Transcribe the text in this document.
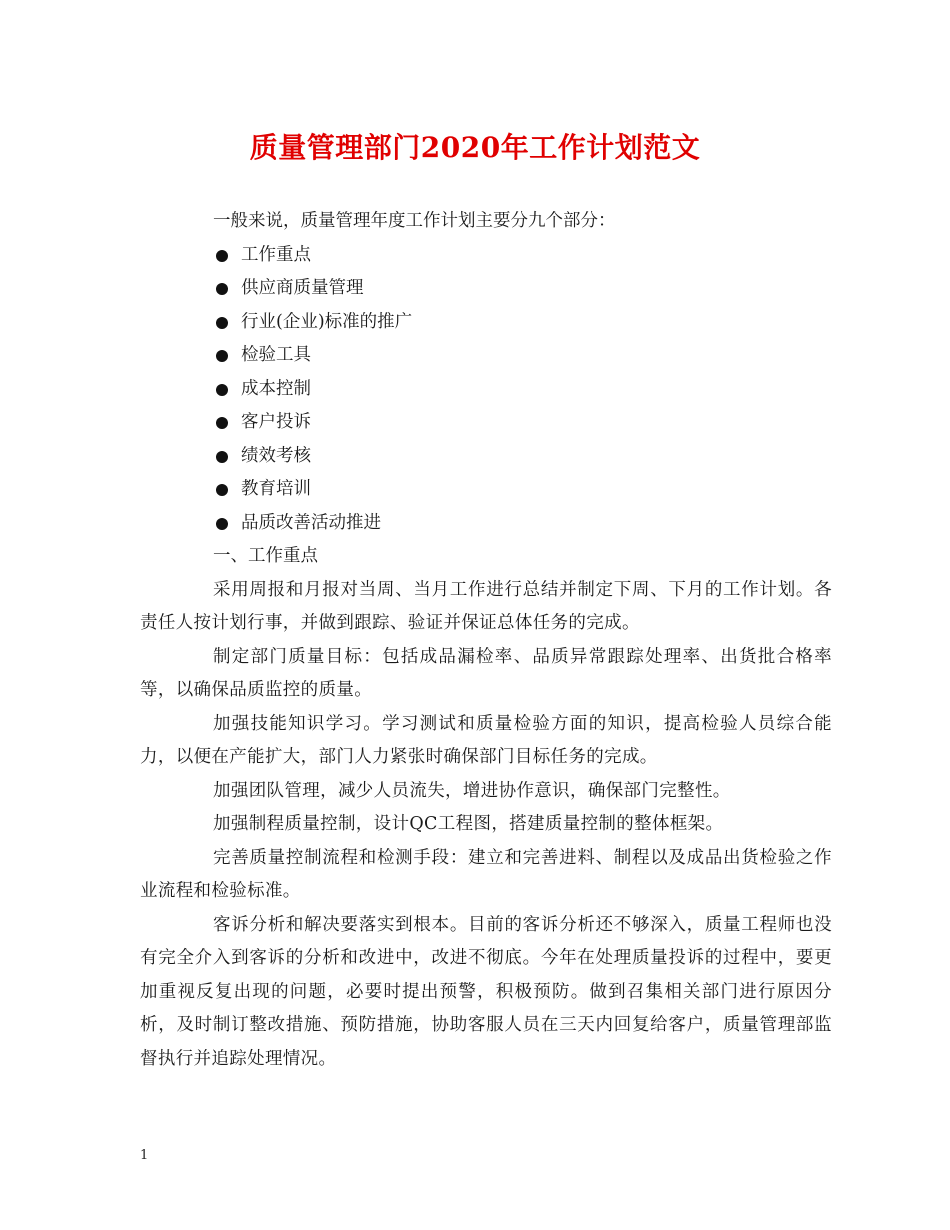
质量管理部门2020年工作计划范文

一般来说，质量管理年度工作计划主要分九个部分：

工作重点
供应商质量管理
行业(企业)标准的推广
检验工具
成本控制
客户投诉
绩效考核
教育培训
品质改善活动推进

一、工作重点

采用周报和月报对当周、当月工作进行总结并制定下周、下月的工作计划。各责任人按计划行事，并做到跟踪、验证并保证总体任务的完成。

制定部门质量目标：包括成品漏检率、品质异常跟踪处理率、出货批合格率等，以确保品质监控的质量。

加强技能知识学习。学习测试和质量检验方面的知识，提高检验人员综合能力，以便在产能扩大，部门人力紧张时确保部门目标任务的完成。

加强团队管理，减少人员流失，增进协作意识，确保部门完整性。

加强制程质量控制，设计QC工程图，搭建质量控制的整体框架。

完善质量控制流程和检测手段：建立和完善进料、制程以及成品出货检验之作业流程和检验标准。

客诉分析和解决要落实到根本。目前的客诉分析还不够深入，质量工程师也没有完全介入到客诉的分析和改进中，改进不彻底。今年在处理质量投诉的过程中，要更加重视反复出现的问题，必要时提出预警，积极预防。做到召集相关部门进行原因分析，及时制订整改措施、预防措施，协助客服人员在三天内回复给客户，质量管理部监督执行并追踪处理情况。

1
